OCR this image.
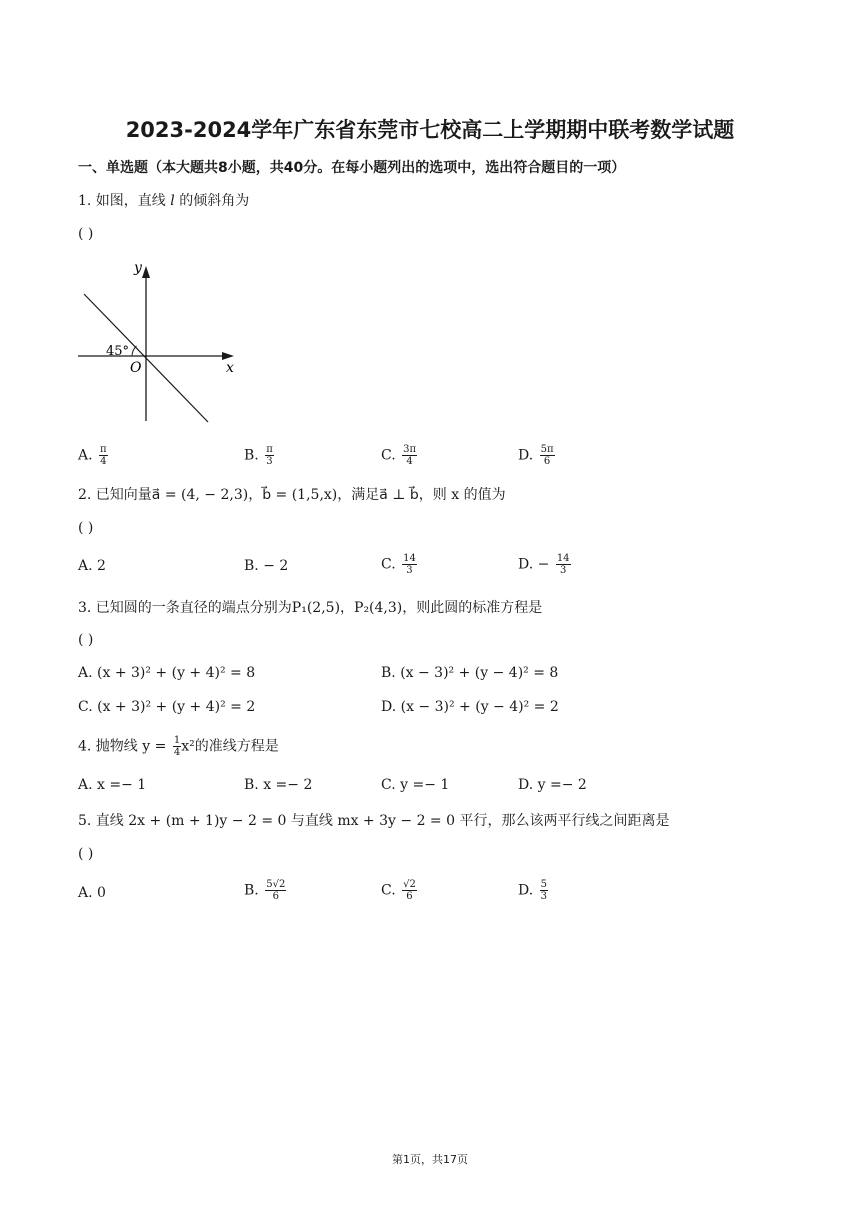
2023-2024学年广东省东莞市七校高二上学期期中联考数学试题
一、单选题（本大题共8小题，共40分。在每小题列出的选项中，选出符合题目的一项）
1. 如图，直线 l 的倾斜角为
( )
y
x
O
45°
A. $\frac{\pi}{4}$	B. $\frac{\pi}{3}$	C. $\frac{3\pi}{4}$	D. $\frac{5\pi}{6}$
2. 已知向量a⃗ = (4, − 2,3)，b⃗ = (1,5,x)，满足a⃗ ⊥ b⃗，则 x 的值为
( )
A. 2	B. − 2	C. $\frac{14}{3}$	D. − $\frac{14}{3}$
3. 已知圆的一条直径的端点分别为P₁(2,5)，P₂(4,3)，则此圆的标准方程是
( )
A. (x + 3)² + (y + 4)² = 8	B. (x − 3)² + (y − 4)² = 8
C. (x + 3)² + (y + 4)² = 2	D. (x − 3)² + (y − 4)² = 2
4. 抛物线 $y = \frac{1}{4} x^2$的准线方程是
A. x =− 1	B. x =− 2	C. y =− 1	D. y =− 2
5. 直线 2x + (m + 1)y − 2 = 0 与直线 mx + 3y − 2 = 0 平行，那么该两平行线之间距离是
( )
A. 0	B. $\frac{5√2}{6}$	C. $\frac{√2}{6}$	D. $\frac{5}{3}$
第1页，共17页
